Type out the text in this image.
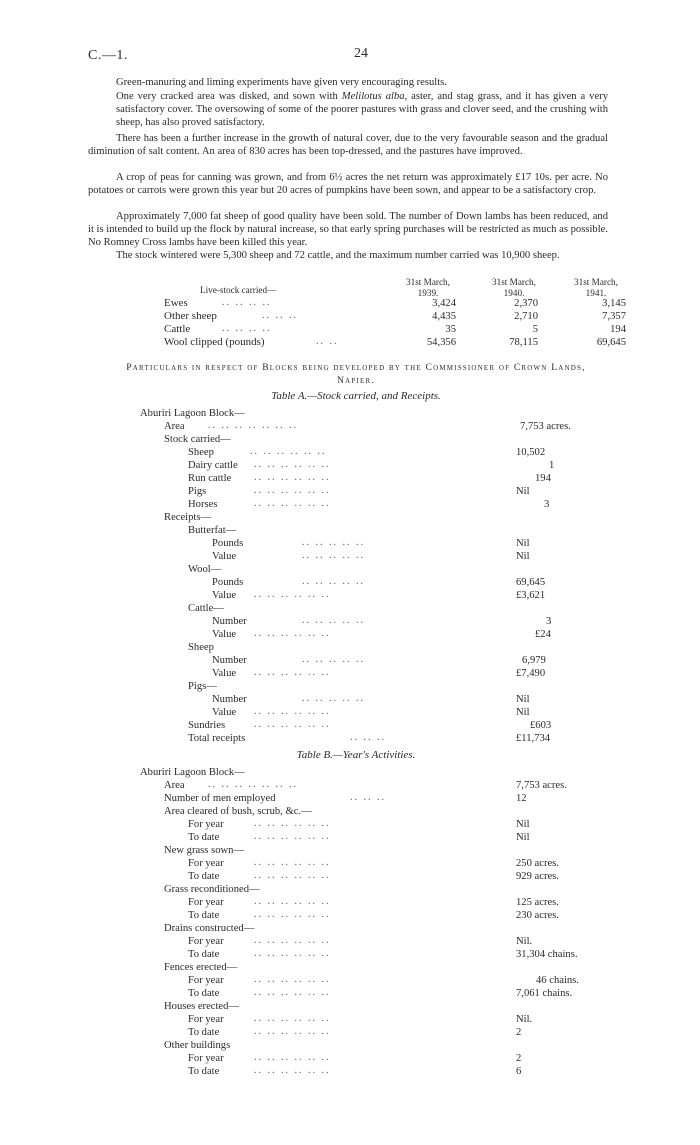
C.—1.	24
Green-manuring and liming experiments have given very encouraging results.
One very cracked area was disked, and sown with Melilotus alba, aster, and stag grass, and it has given a very satisfactory cover. The oversowing of some of the poorer pastures with grass and clover seed, and the crushing with sheep, has also proved satisfactory.
There has been a further increase in the growth of natural cover, due to the very favourable season and the gradual diminution of salt content. An area of 830 acres has been top-dressed, and the pastures have improved.
A crop of peas for canning was grown, and from 6½ acres the net return was approximately £17 10s. per acre. No potatoes or carrots were grown this year but 20 acres of pumpkins have been sown, and appear to be a satisfactory crop.
Approximately 7,000 fat sheep of good quality have been sold. The number of Down lambs has been reduced, and it is intended to build up the flock by natural increase, so that early spring purchases will be restricted as much as possible. No Romney Cross lambs have been killed this year.
The stock wintered were 5,300 sheep and 72 cattle, and the maximum number carried was 10,900 sheep.
Live-stock carried—
31st March, 1939.
31st March, 1940.
31st March, 1941.
Ewes	.. .. .. ..	3,424	2,370	3,145
Other sheep	.. .. ..	4,435	2,710	7,357
Cattle	.. .. .. ..	35	5	194
Wool clipped (pounds)	.. ..	54,356	78,115	69,645
Particulars in respect of Blocks being developed by the Commissioner of Crown Lands,
Napier.
Table A.—Stock carried, and Receipts.
Aburiri Lagoon Block—
Area .. .. .. .. .. .. ..	7,753 acres.
Stock carried—
Sheep	.. .. .. .. .. ..	10,502
Dairy cattle .. .. .. .. .. ..	1
Run cattle .. .. .. .. .. ..	194
Pigs	.. .. .. .. .. ..	Nil
Horses	.. .. .. .. .. ..	3
Receipts—
Butterfat—
Pounds	.. .. .. .. ..	Nil
Value	.. .. .. .. ..	Nil
Wool—
Pounds	.. .. .. .. ..	69,645
Value .. .. .. .. .. ..	£3,621
Cattle—
Number	.. .. .. .. ..	3
Value .. .. .. .. .. ..	£24
Sheep
Number	.. .. .. .. ..	6,979
Value .. .. .. .. .. ..	£7,490
Pigs—
Number	.. .. .. .. ..	Nil
Value .. .. .. .. .. ..	Nil
Sundries	.. .. .. .. .. ..	£603
Total receipts	.. .. ..	£11,734
Table B.—Year's Activities.
Aburiri Lagoon Block—
Area .. .. .. .. .. .. ..	7,753 acres.
Number of men employed	.. .. ..	12
Area cleared of bush, scrub, &c.—
For year	.. .. .. .. .. ..	Nil
To date	.. .. .. .. .. ..	Nil
New grass sown—
For year	.. .. .. .. .. ..	250 acres.
To date	.. .. .. .. .. ..	929 acres.
Grass reconditioned—
For year	.. .. .. .. .. ..	125 acres.
To date	.. .. .. .. .. ..	230 acres.
Drains constructed—
For year	.. .. .. .. .. ..	Nil.
To date	.. .. .. .. .. ..	31,304 chains.
Fences erected—
For year	.. .. .. .. .. ..	46 chains.
To date	.. .. .. .. .. ..	7,061 chains.
Houses erected—
For year	.. .. .. .. .. ..	Nil.
To date	.. .. .. .. .. ..	2
Other buildings
For year	.. .. .. .. .. ..	2
To date	.. .. .. .. .. ..	6
